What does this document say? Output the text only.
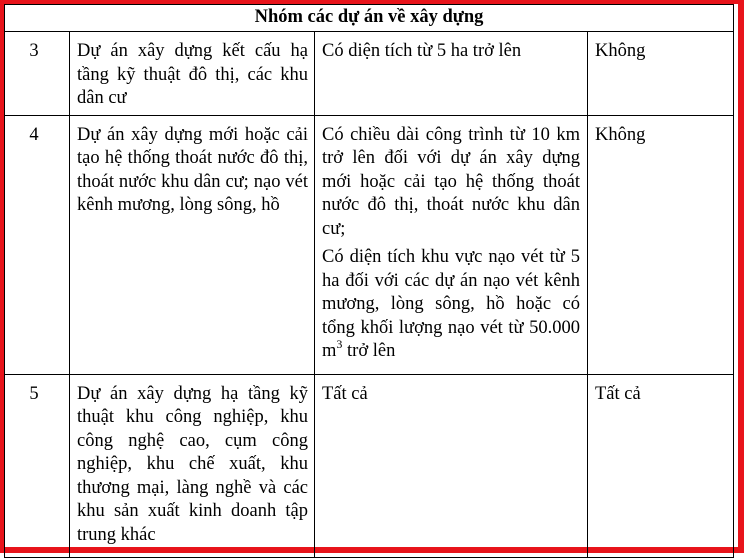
Nhóm các dự án về xây dựng			
3	Dự án xây dựng kết cấu hạ tầng kỹ thuật đô thị, các khu dân cư	Có diện tích từ 5 ha trở lên	Không
4	Dự án xây dựng mới hoặc cải tạo hệ thống thoát nước đô thị, thoát nước khu dân cư; nạo vét kênh mương, lòng sông, hồ	Có chiều dài công trình từ 10 km trở lên đối với dự án xây dựng mới hoặc cải tạo hệ thống thoát nước đô thị, thoát nước khu dân cư;

Có diện tích khu vực nạo vét từ 5 ha đối với các dự án nạo vét kênh mương, lòng sông, hồ hoặc có tổng khối lượng nạo vét từ 50.000 $m^3$ trở lên	Không
5	Dự án xây dựng hạ tầng kỹ thuật khu công nghiệp, khu công nghệ cao, cụm công nghiệp, khu chế xuất, khu thương mại, làng nghề và các khu sản xuất kinh doanh tập trung khác	Tất cả	Tất cả
